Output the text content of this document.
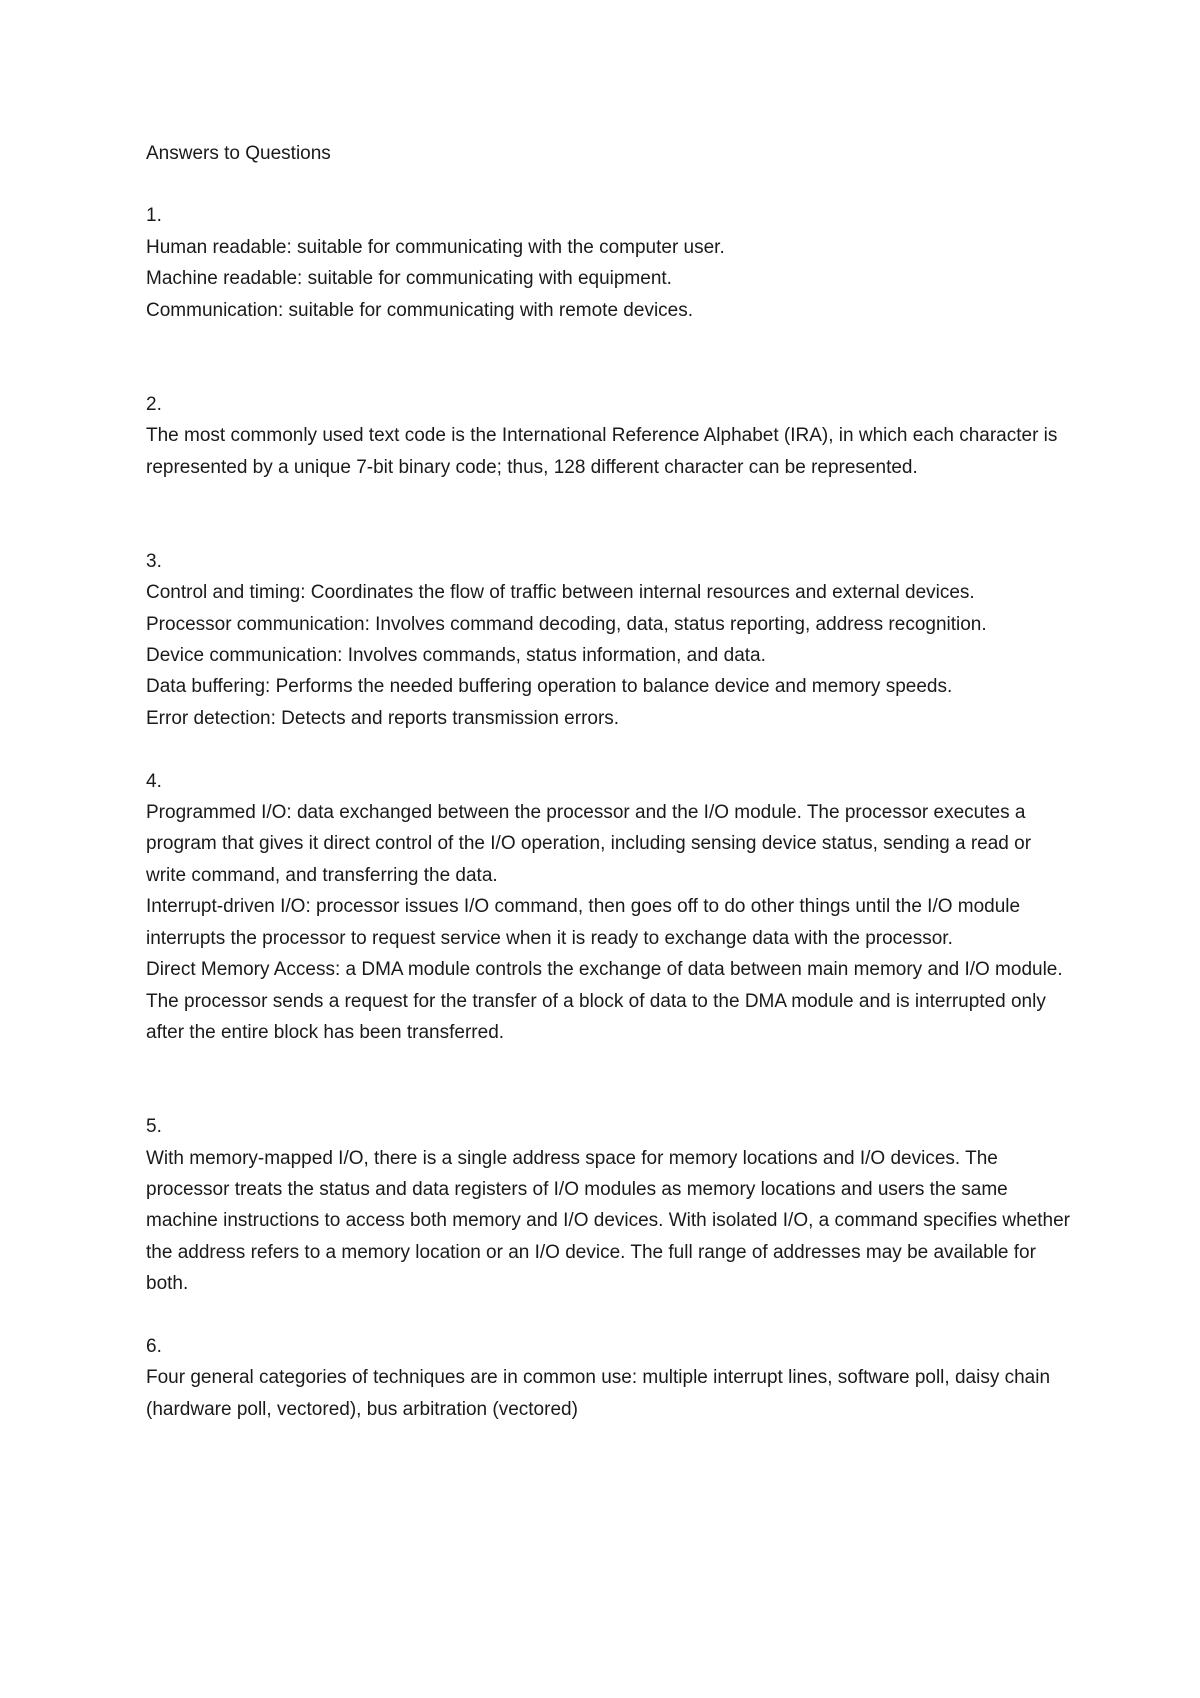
Answers to Questions

1.

Human readable: suitable for communicating with the computer user.

Machine readable: suitable for communicating with equipment.

Communication: suitable for communicating with remote devices.

2.

The most commonly used text code is the International Reference Alphabet (IRA), in which each character is represented by a unique 7-bit binary code; thus, 128 different character can be represented.

3.

Control and timing: Coordinates the flow of traffic between internal resources and external devices.

Processor communication: Involves command decoding, data, status reporting, address recognition.

Device communication: Involves commands, status information, and data.

Data buffering: Performs the needed buffering operation to balance device and memory speeds.

Error detection: Detects and reports transmission errors.

4.

Programmed I/O: data exchanged between the processor and the I/O module. The processor executes a program that gives it direct control of the I/O operation, including sensing device status, sending a read or write command, and transferring the data.

Interrupt-driven I/O: processor issues I/O command, then goes off to do other things until the I/O module interrupts the processor to request service when it is ready to exchange data with the processor.

Direct Memory Access: a DMA module controls the exchange of data between main memory and I/O module. The processor sends a request for the transfer of a block of data to the DMA module and is interrupted only after the entire block has been transferred.

5.

With memory-mapped I/O, there is a single address space for memory locations and I/O devices. The processor treats the status and data registers of I/O modules as memory locations and users the same machine instructions to access both memory and I/O devices. With isolated I/O, a command specifies whether the address refers to a memory location or an I/O device. The full range of addresses may be available for both.

6.

Four general categories of techniques are in common use: multiple interrupt lines, software poll, daisy chain (hardware poll, vectored), bus arbitration (vectored)
